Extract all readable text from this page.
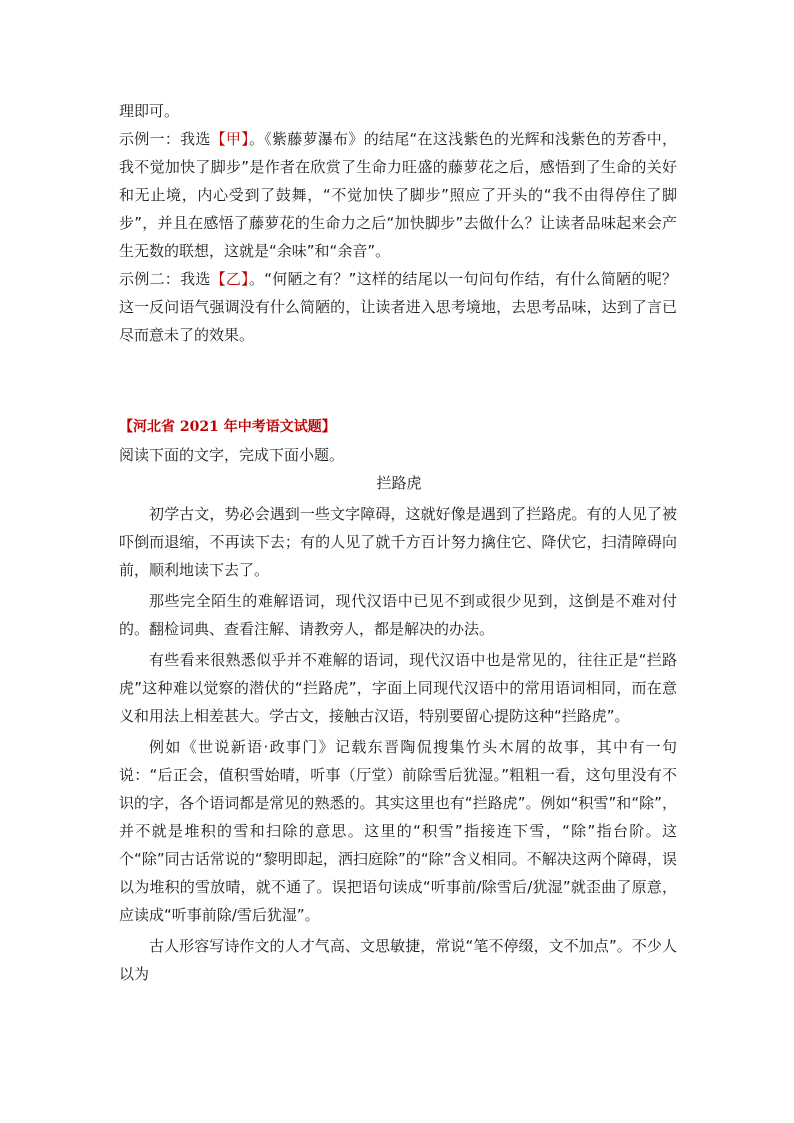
理即可。

示例一：我选【甲】。《紫藤萝瀑布》的结尾“在这浅紫色的光辉和浅紫色的芳香中，我不觉加快了脚步”是作者在欣赏了生命力旺盛的藤萝花之后，感悟到了生命的关好和无止境，内心受到了鼓舞，“不觉加快了脚步”照应了开头的“我不由得停住了脚步”，并且在感悟了藤萝花的生命力之后“加快脚步”去做什么？让读者品味起来会产生无数的联想，这就是“余味”和“余音”。

示例二：我选【乙】。“何陋之有？”这样的结尾以一句问句作结，有什么简陋的呢？这一反问语气强调没有什么简陋的，让读者进入思考境地，去思考品味，达到了言已尽而意未了的效果。

【河北省 2021 年中考语文试题】

阅读下面的文字，完成下面小题。

拦路虎

初学古文，势必会遇到一些文字障碍，这就好像是遇到了拦路虎。有的人见了被吓倒而退缩，不再读下去；有的人见了就千方百计努力擒住它、降伏它，扫清障碍向前，顺利地读下去了。

那些完全陌生的难解语词，现代汉语中已见不到或很少见到，这倒是不难对付的。翻检词典、查看注解、请教旁人，都是解决的办法。

有些看来很熟悉似乎并不难解的语词，现代汉语中也是常见的，往往正是“拦路虎”这种难以觉察的潜伏的“拦路虎”，字面上同现代汉语中的常用语词相同，而在意义和用法上相差甚大。学古文，接触古汉语，特别要留心提防这种“拦路虎”。

例如《世说新语·政事门》记载东晋陶侃搜集竹头木屑的故事，其中有一句说：“后正会，值积雪始晴，听事（厅堂）前除雪后犹湿。”粗粗一看，这句里没有不识的字，各个语词都是常见的熟悉的。其实这里也有“拦路虎”。例如“积雪”和“除”，并不就是堆积的雪和扫除的意思。这里的“积雪”指接连下雪，“除”指台阶。这个“除”同古话常说的“黎明即起，洒扫庭除”的“除”含义相同。不解决这两个障碍，误以为堆积的雪放晴，就不通了。误把语句读成“听事前/除雪后/犹湿”就歪曲了原意，应读成“听事前除/雪后犹湿”。

古人形容写诗作文的人才气高、文思敏捷，常说“笔不停缀，文不加点”。不少人以为
